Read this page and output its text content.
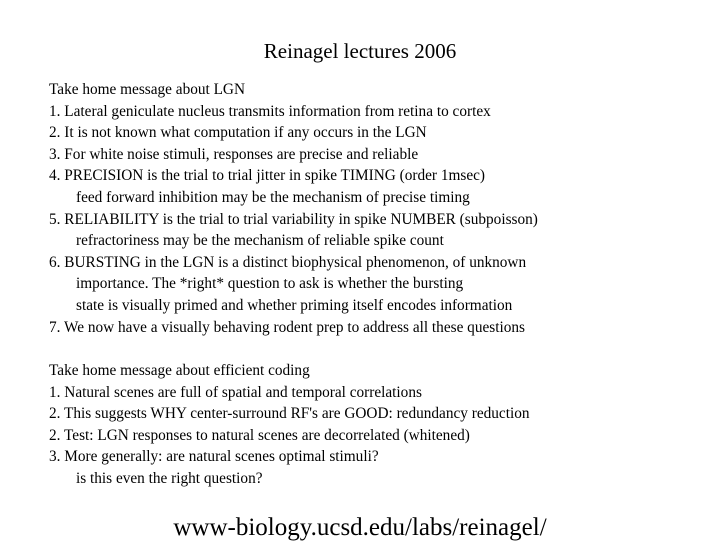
Reinagel lectures 2006
Take home message about LGN
1. Lateral geniculate nucleus transmits information from retina to cortex
2. It is not known what computation if any occurs in the LGN
3. For white noise stimuli, responses are precise and reliable
4. PRECISION is the trial to trial jitter in spike TIMING (order 1msec)
feed forward inhibition may be the mechanism of precise timing
5. RELIABILITY is the trial to trial variability in spike NUMBER (subpoisson)
refractoriness may be the mechanism of reliable spike count
6. BURSTING in the LGN is a distinct biophysical phenomenon, of unknown
importance. The *right* question to ask is whether the bursting
state is visually primed and whether priming itself encodes information
7. We now have a visually behaving rodent prep to address all these questions
Take home message about efficient coding
1. Natural scenes are full of spatial and temporal correlations
2. This suggests WHY center-surround RF's are GOOD: redundancy reduction
2. Test: LGN responses to natural scenes are decorrelated (whitened)
3. More generally: are natural scenes optimal stimuli?
is this even the right question?
www-biology.ucsd.edu/labs/reinagel/
